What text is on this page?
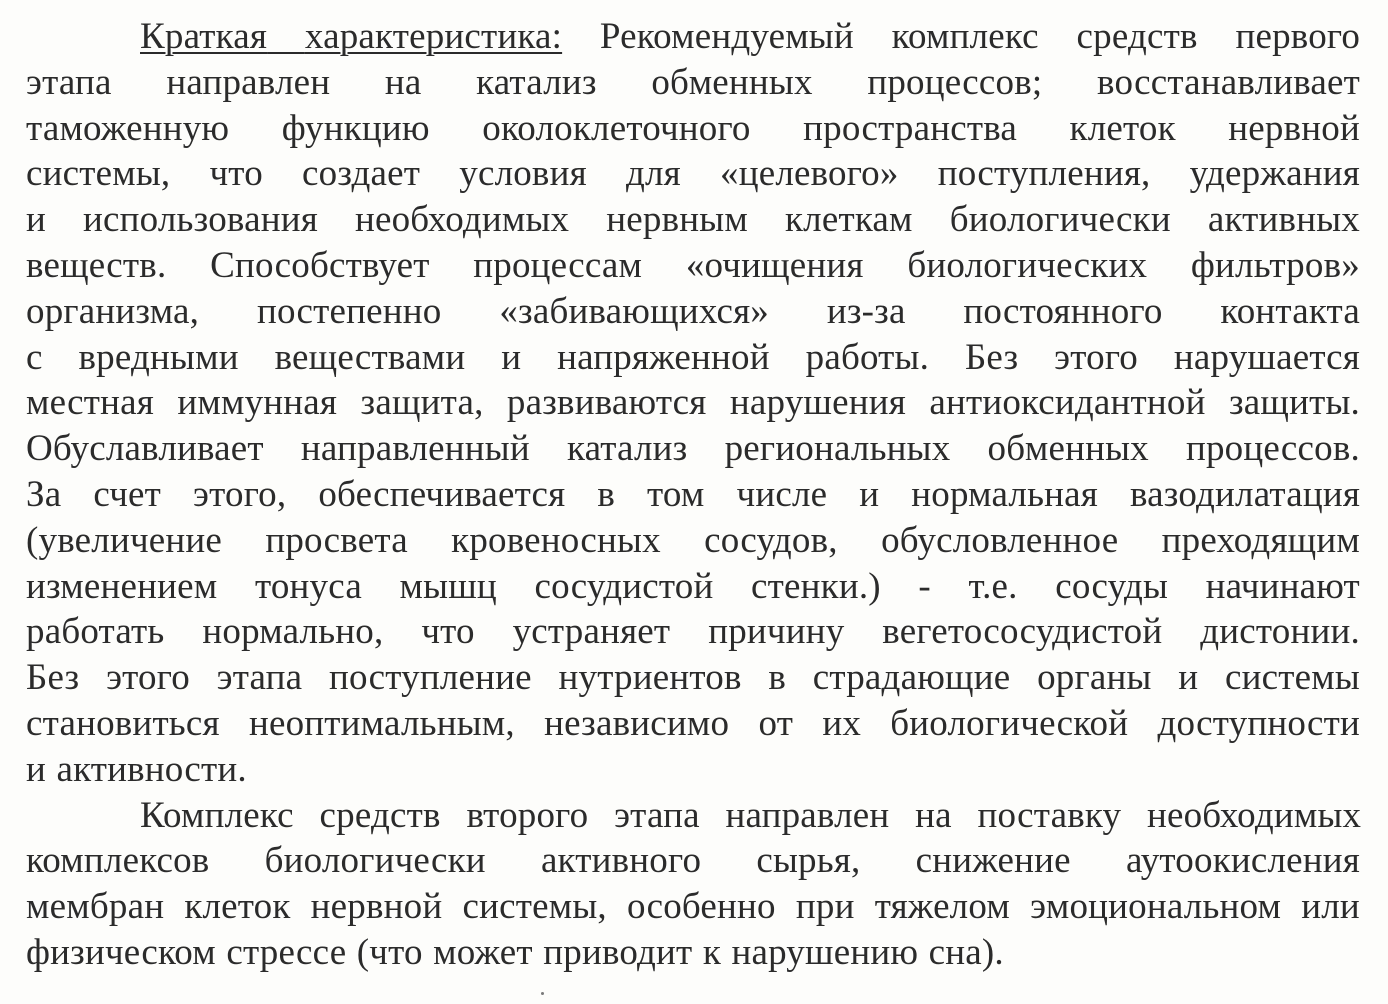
Краткая характеристика: Рекомендуемый комплекс средств первого
этапа направлен на катализ обменных процессов; восстанавливает
таможенную функцию околоклеточного пространства клеток нервной
системы, что создает условия для «целевого» поступления, удержания
и использования необходимых нервным клеткам биологически активных
веществ. Способствует процессам «очищения биологических фильтров»
организма, постепенно «забивающихся» из-за постоянного контакта
с вредными веществами и напряженной работы. Без этого нарушается
местная иммунная защита, развиваются нарушения антиоксидантной защиты.
Обуславливает направленный катализ региональных обменных процессов.
За счет этого, обеспечивается в том числе и нормальная вазодилатация
(увеличение просвета кровеносных сосудов, обусловленное преходящим
изменением тонуса мышц сосудистой стенки.) - т.е. сосуды начинают
работать нормально, что устраняет причину вегетососудистой дистонии.
Без этого этапа поступление нутриентов в страдающие органы и системы
становиться неоптимальным, независимо от их биологической доступности
и активности.
Комплекс средств второго этапа направлен на поставку необходимых
комплексов биологически активного сырья, снижение аутоокисления
мембран клеток нервной системы, особенно при тяжелом эмоциональном или
физическом стрессе (что может приводит к нарушению сна).
